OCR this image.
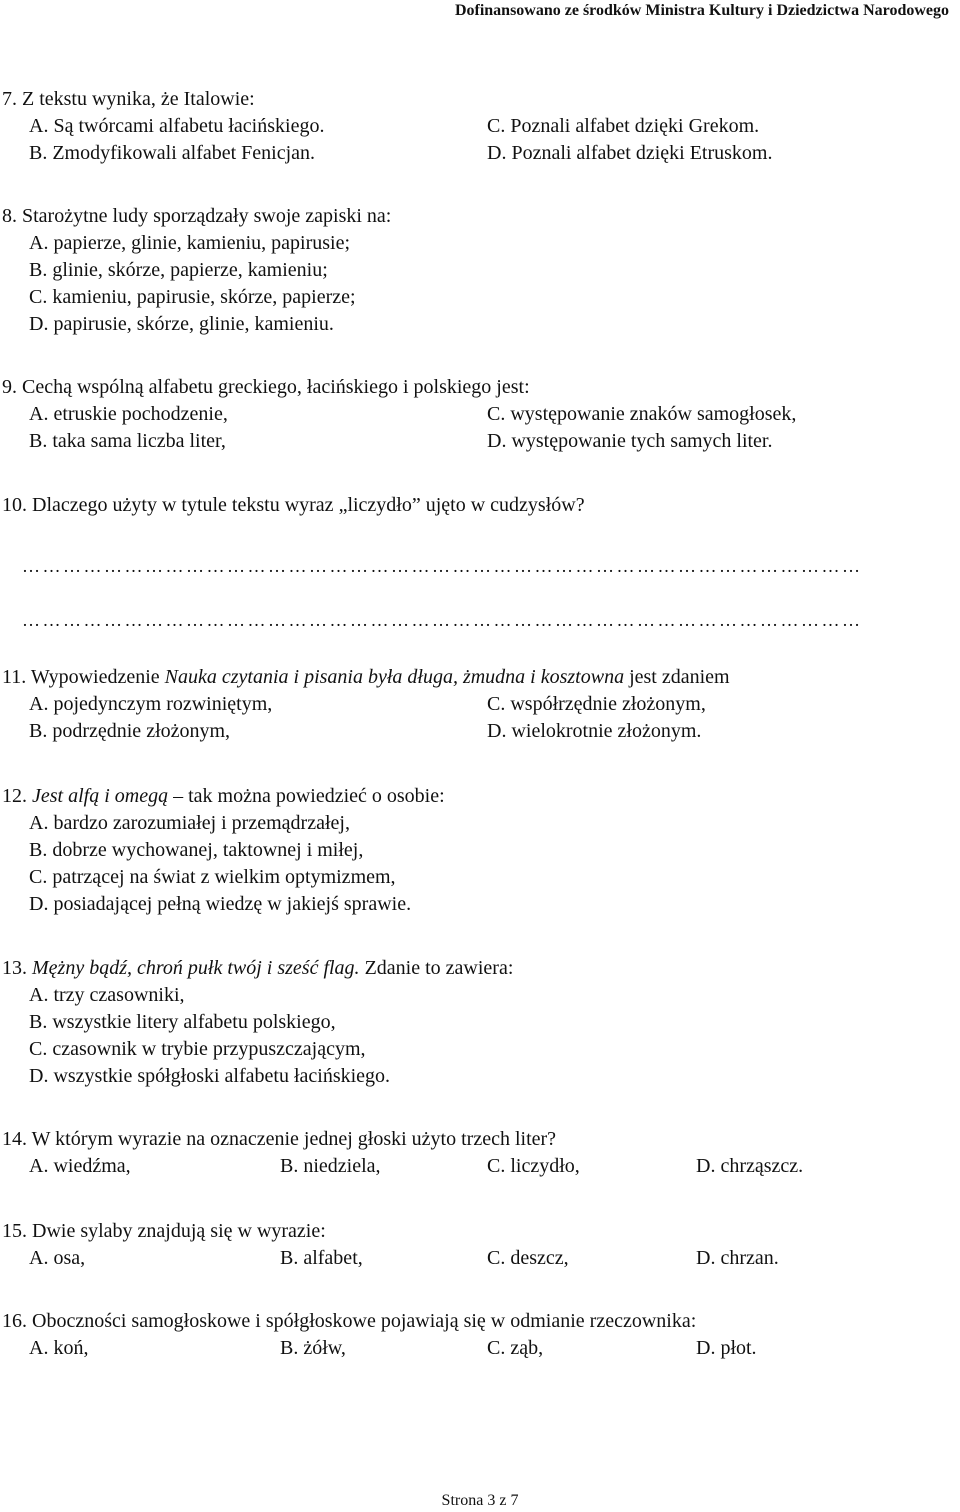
Dofinansowano ze środków Ministra Kultury i Dziedzictwa Narodowego
7. Z tekstu wynika, że Italowie:
A. Są twórcami alfabetu łacińskiego.	C. Poznali alfabet dzięki Grekom.
B. Zmodyfikowali alfabet Fenicjan.	D. Poznali alfabet dzięki Etruskom.
8. Starożytne ludy sporządzały swoje zapiski na:
A. papierze, glinie, kamieniu, papirusie;
B. glinie, skórze, papierze, kamieniu;
C. kamieniu, papirusie, skórze, papierze;
D. papirusie, skórze, glinie, kamieniu.
9. Cechą wspólną alfabetu greckiego, łacińskiego i polskiego jest:
A. etruskie pochodzenie,	C. występowanie znaków samogłosek,
B. taka sama liczba liter,	D. występowanie tych samych liter.
10. Dlaczego użyty w tytule tekstu wyraz „liczydło” ujęto w cudzysłów?
……………………………………………………………………………………………………………
……………………………………………………………………………………………………………
11. Wypowiedzenie Nauka czytania i pisania była długa, żmudna i kosztowna jest zdaniem
A. pojedynczym rozwiniętym,	C. współrzędnie złożonym,
B. podrzędnie złożonym,	D. wielokrotnie złożonym.
12. Jest alfą i omegą – tak można powiedzieć o osobie:
A. bardzo zarozumiałej i przemądrzałej,
B. dobrze wychowanej, taktownej i miłej,
C. patrzącej na świat z wielkim optymizmem,
D. posiadającej pełną wiedzę w jakiejś sprawie.
13. Mężny bądź, chroń pułk twój i sześć flag. Zdanie to zawiera:
A. trzy czasowniki,
B. wszystkie litery alfabetu polskiego,
C. czasownik w trybie przypuszczającym,
D. wszystkie spółgłoski alfabetu łacińskiego.
14. W którym wyrazie na oznaczenie jednej głoski użyto trzech liter?
A. wiedźma,	B. niedziela,	C. liczydło,	D. chrząszcz.
15. Dwie sylaby znajdują się w wyrazie:
A. osa,	B. alfabet,	C. deszcz,	D. chrzan.
16. Oboczności samogłoskowe i spółgłoskowe pojawiają się w odmianie rzeczownika:
A. koń,	B. żółw,	C. ząb,	D. płot.
Strona 3 z 7
